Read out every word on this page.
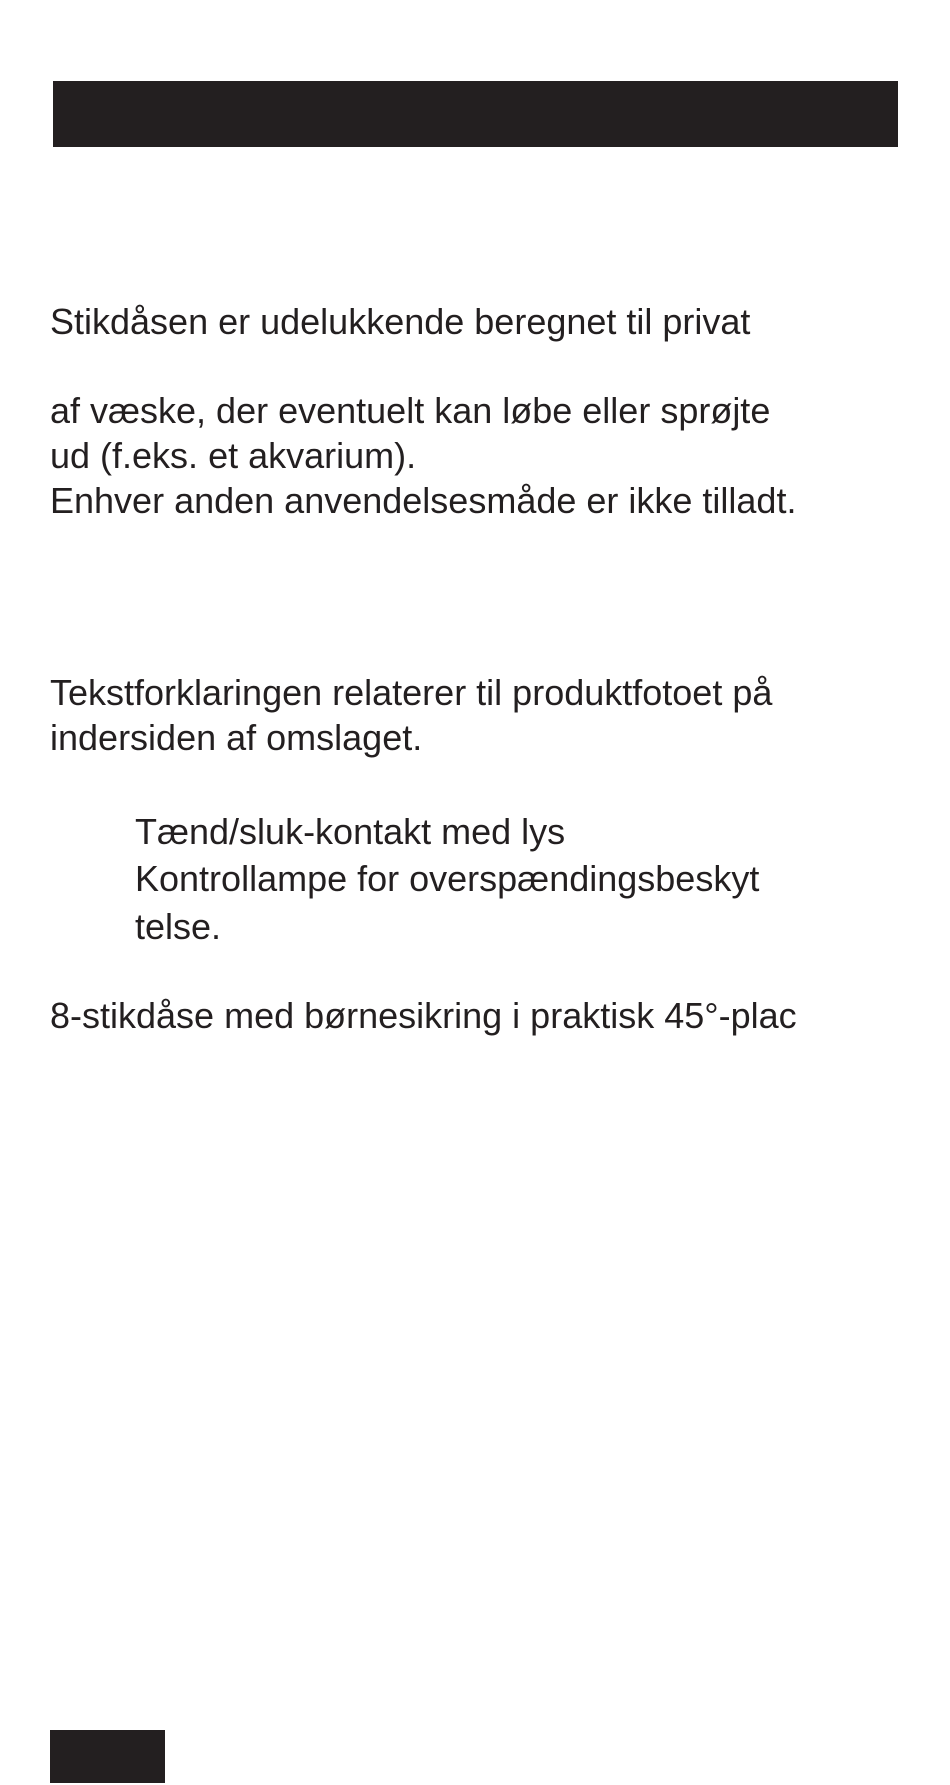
Stikdåsen er udelukkende beregnet til privat

af væske, der eventuelt kan løbe eller sprøjte

ud (f.eks. et akvarium).

Enhver anden anvendelsesmåde er ikke tilladt.

Tekstforklaringen relaterer til produktfotoet på

indersiden af omslaget.

Tænd/sluk-kontakt med lys

Kontrollampe for overspændingsbeskyt

telse.

8-stikdåse med børnesikring i praktisk 45°-plac
